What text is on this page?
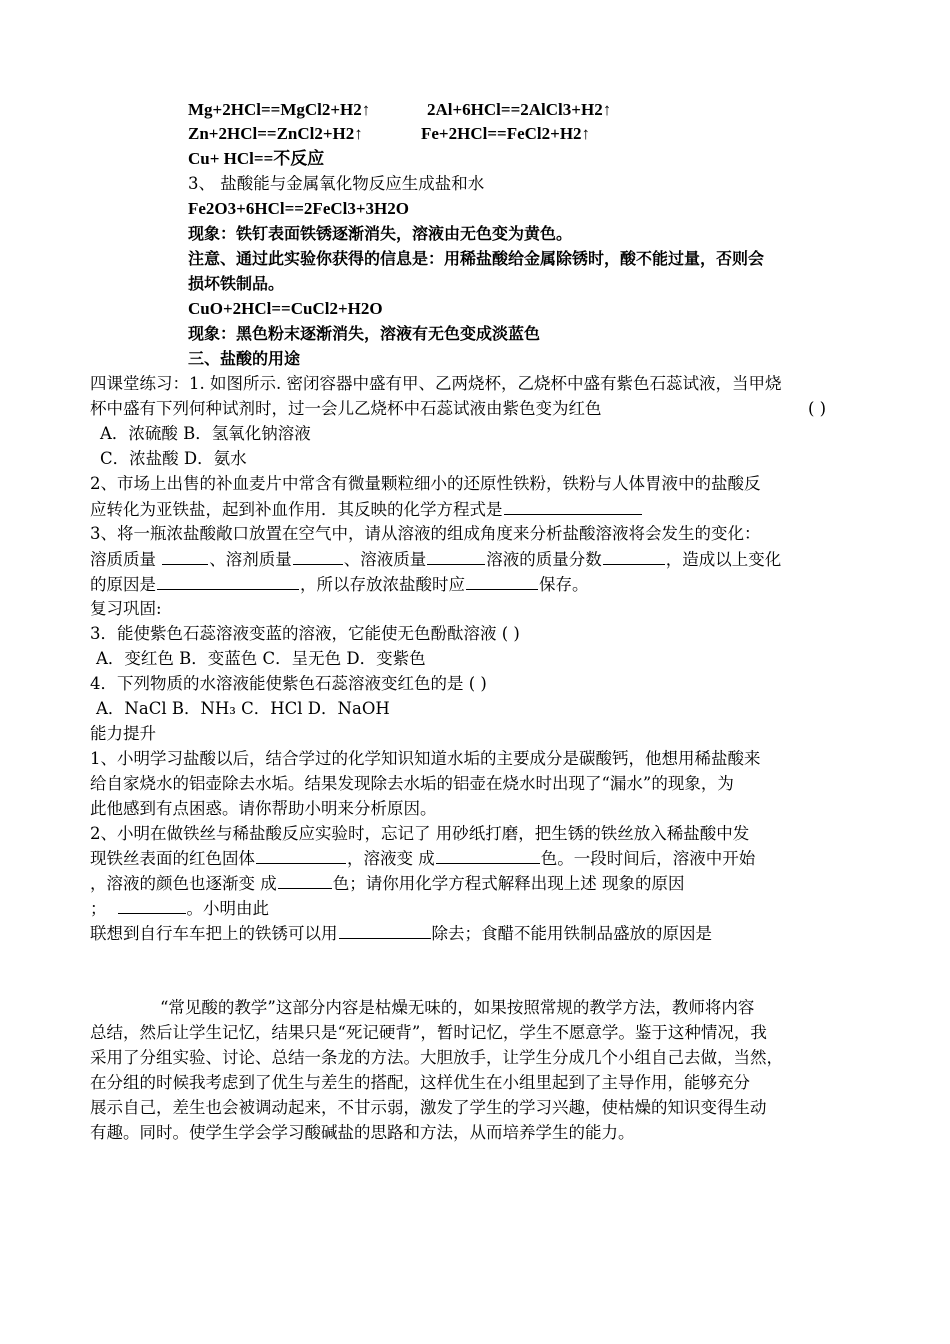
Mg+2HCl==MgCl2+H2↑	2Al+6HCl==2AlCl3+H2↑
Zn+2HCl==ZnCl2+H2↑	Fe+2HCl==FeCl2+H2↑
Cu+ HCl==不反应
3、 盐酸能与金属氧化物反应生成盐和水
Fe2O3+6HCl==2FeCl3+3H2O
现象：铁钉表面铁锈逐渐消失，溶液由无色变为黄色。
注意、通过此实验你获得的信息是：用稀盐酸给金属除锈时，酸不能过量，否则会
损坏铁制品。
CuO+2HCl==CuCl2+H2O
现象：黑色粉末逐渐消失，溶液有无色变成淡蓝色
三、盐酸的用途
四课堂练习：1. 如图所示. 密闭容器中盛有甲、乙两烧杯，乙烧杯中盛有紫色石蕊试液，当甲烧
杯中盛有下列何种试剂时，过一会儿乙烧杯中石蕊试液由紫色变为红色	( )
A．浓硫酸 B．氢氧化钠溶液
C．浓盐酸 D．氨水
2、市场上出售的补血麦片中常含有微量颗粒细小的还原性铁粉，铁粉与人体胃液中的盐酸反
应转化为亚铁盐，起到补血作用．其反映的化学方程式是
3、将一瓶浓盐酸敞口放置在空气中，请从溶液的组成角度来分析盐酸溶液将会发生的变化：
溶质质量	、溶剂质量	、溶液质量	溶液的质量分数	，造成以上变化
的原因是	，所以存放浓盐酸时应	保存。
复习巩固:
3．能使紫色石蕊溶液变蓝的溶液，它能使无色酚酞溶液 ( )
A．变红色 B．变蓝色 C．呈无色 D．变紫色
4．下列物质的水溶液能使紫色石蕊溶液变红色的是 ( )
A．NaCl B．NH₃ C．HCl D．NaOH
能力提升
1、小明学习盐酸以后，结合学过的化学知识知道水垢的主要成分是碳酸钙，他想用稀盐酸来
给自家烧水的铝壶除去水垢。结果发现除去水垢的铝壶在烧水时出现了“漏水”的现象，为
此他感到有点困惑。请你帮助小明来分析原因。
2、小明在做铁丝与稀盐酸反应实验时，忘记了 用砂纸打磨，把生锈的铁丝放入稀盐酸中发
现铁丝表面的红色固体	，溶液变 成	色。一段时间后，溶液中开始
，溶液的颜色也逐渐变 成	色；请你用化学方程式解释出现上述 现象的原因
；	。小明由此
联想到自行车车把上的铁锈可以用	除去；食醋不能用铁制品盛放的原因是
“常见酸的教学”这部分内容是枯燥无味的，如果按照常规的教学方法，教师将内容
总结，然后让学生记忆，结果只是“死记硬背”，暂时记忆，学生不愿意学。鉴于这种情况，我
采用了分组实验、讨论、总结一条龙的方法。大胆放手，让学生分成几个小组自己去做，当然，
在分组的时候我考虑到了优生与差生的搭配，这样优生在小组里起到了主导作用，能够充分
展示自己，差生也会被调动起来，不甘示弱，激发了学生的学习兴趣，使枯燥的知识变得生动
有趣。同时。使学生学会学习酸碱盐的思路和方法，从而培养学生的能力。
